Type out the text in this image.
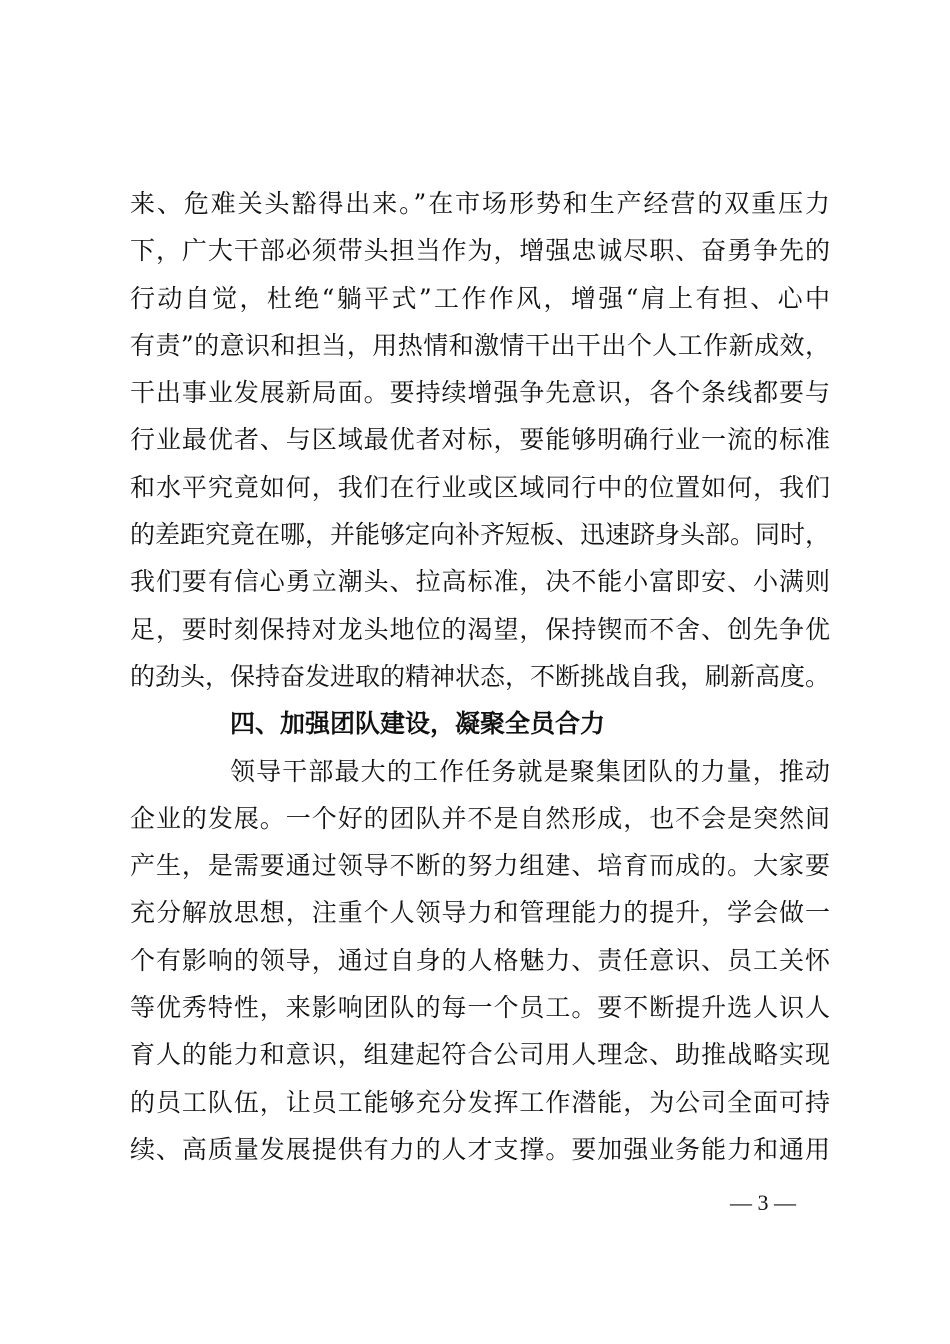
来、危难关头豁得出来。”在市场形势和生产经营的双重压力
下，广大干部必须带头担当作为，增强忠诚尽职、奋勇争先的
行动自觉，杜绝“躺平式”工作作风，增强“肩上有担、心中
有责”的意识和担当，用热情和激情干出干出个人工作新成效，
干出事业发展新局面。要持续增强争先意识，各个条线都要与
行业最优者、与区域最优者对标，要能够明确行业一流的标准
和水平究竟如何，我们在行业或区域同行中的位置如何，我们
的差距究竟在哪，并能够定向补齐短板、迅速跻身头部。同时，
我们要有信心勇立潮头、拉高标准，决不能小富即安、小满则
足，要时刻保持对龙头地位的渴望，保持锲而不舍、创先争优
的劲头，保持奋发进取的精神状态，不断挑战自我，刷新高度。
四、加强团队建设，凝聚全员合力
领导干部最大的工作任务就是聚集团队的力量，推动
企业的发展。一个好的团队并不是自然形成，也不会是突然间
产生，是需要通过领导不断的努力组建、培育而成的。大家要
充分解放思想，注重个人领导力和管理能力的提升，学会做一
个有影响的领导，通过自身的人格魅力、责任意识、员工关怀
等优秀特性，来影响团队的每一个员工。要不断提升选人识人
育人的能力和意识，组建起符合公司用人理念、助推战略实现
的员工队伍，让员工能够充分发挥工作潜能，为公司全面可持
续、高质量发展提供有力的人才支撑。要加强业务能力和通用
— 3 —
